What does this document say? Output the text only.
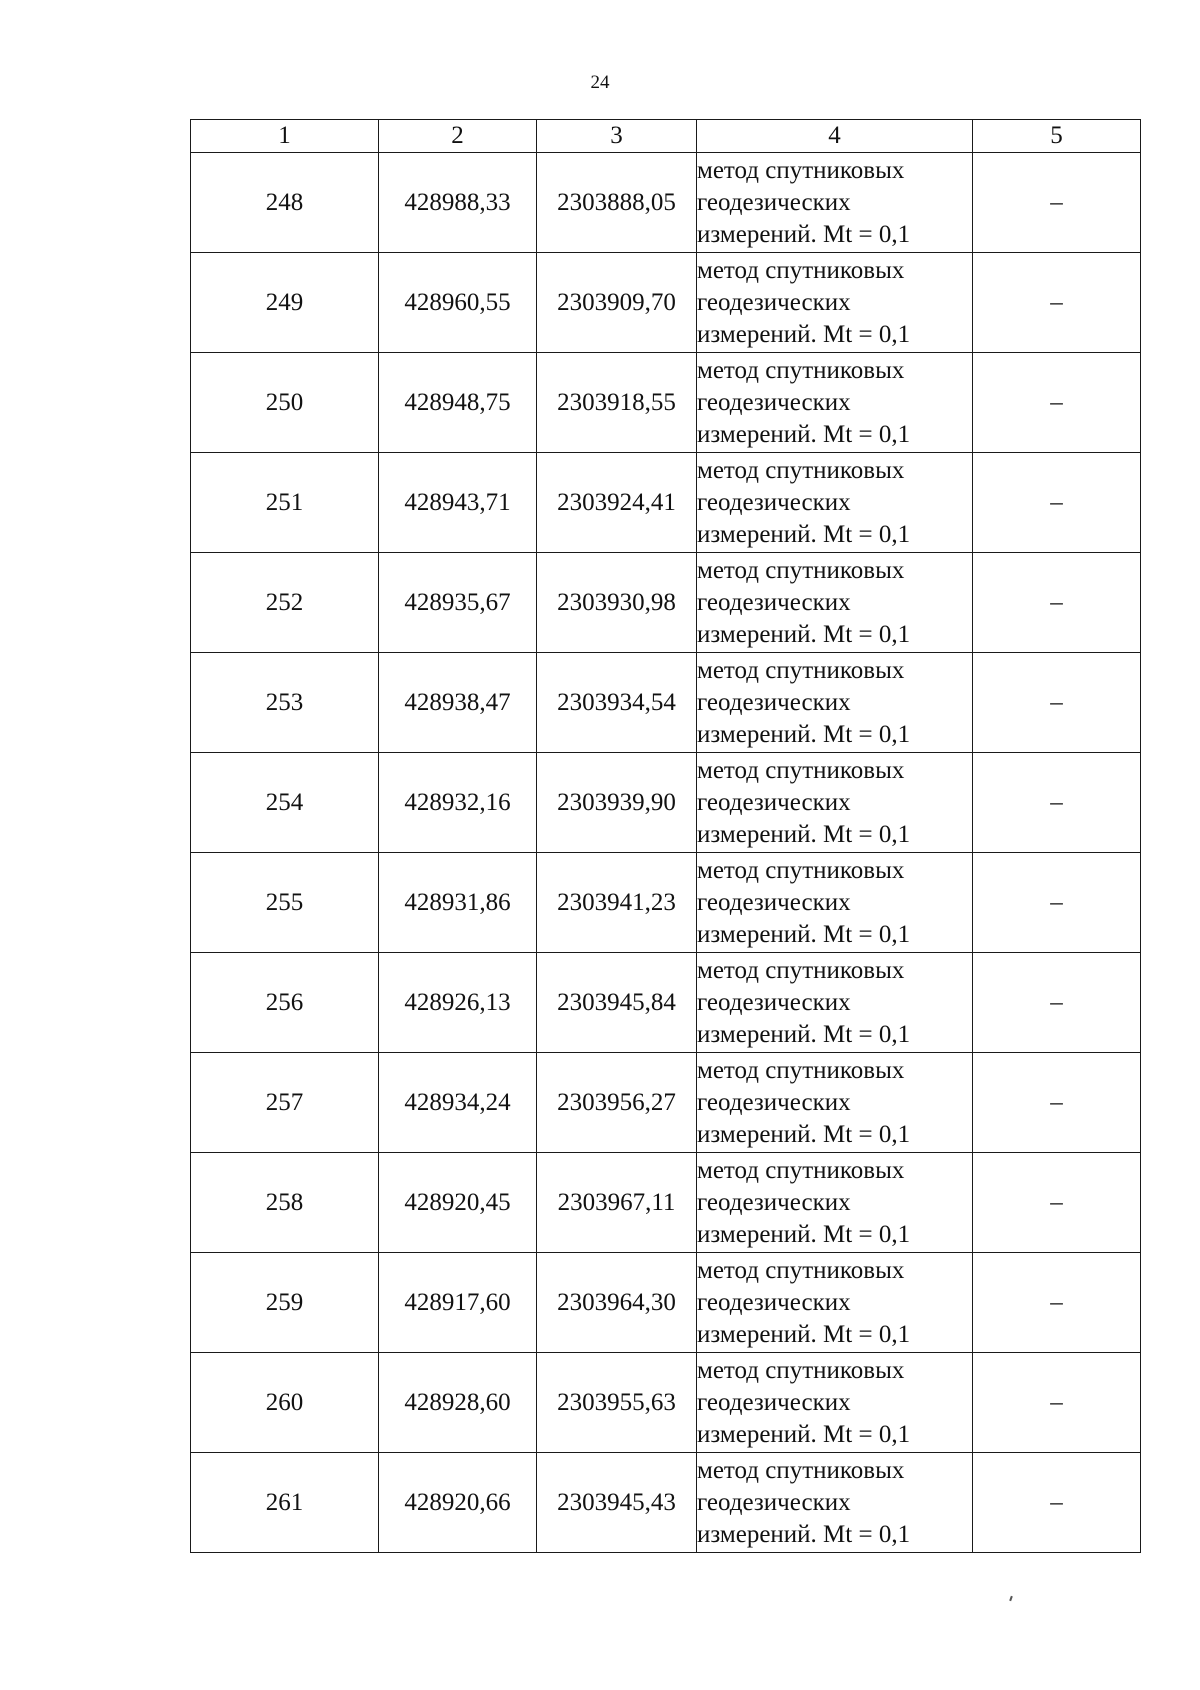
24
1	2	3	4	5
248	428988,33	2303888,05	метод спутниковых
геодезических
измерений. Mt = 0,1	–
249	428960,55	2303909,70	метод спутниковых
геодезических
измерений. Mt = 0,1	–
250	428948,75	2303918,55	метод спутниковых
геодезических
измерений. Mt = 0,1	–
251	428943,71	2303924,41	метод спутниковых
геодезических
измерений. Mt = 0,1	–
252	428935,67	2303930,98	метод спутниковых
геодезических
измерений. Mt = 0,1	–
253	428938,47	2303934,54	метод спутниковых
геодезических
измерений. Mt = 0,1	–
254	428932,16	2303939,90	метод спутниковых
геодезических
измерений. Mt = 0,1	–
255	428931,86	2303941,23	метод спутниковых
геодезических
измерений. Mt = 0,1	–
256	428926,13	2303945,84	метод спутниковых
геодезических
измерений. Mt = 0,1	–
257	428934,24	2303956,27	метод спутниковых
геодезических
измерений. Mt = 0,1	–
258	428920,45	2303967,11	метод спутниковых
геодезических
измерений. Mt = 0,1	–
259	428917,60	2303964,30	метод спутниковых
геодезических
измерений. Mt = 0,1	–
260	428928,60	2303955,63	метод спутниковых
геодезических
измерений. Mt = 0,1	–
261	428920,66	2303945,43	метод спутниковых
геодезических
измерений. Mt = 0,1	–
